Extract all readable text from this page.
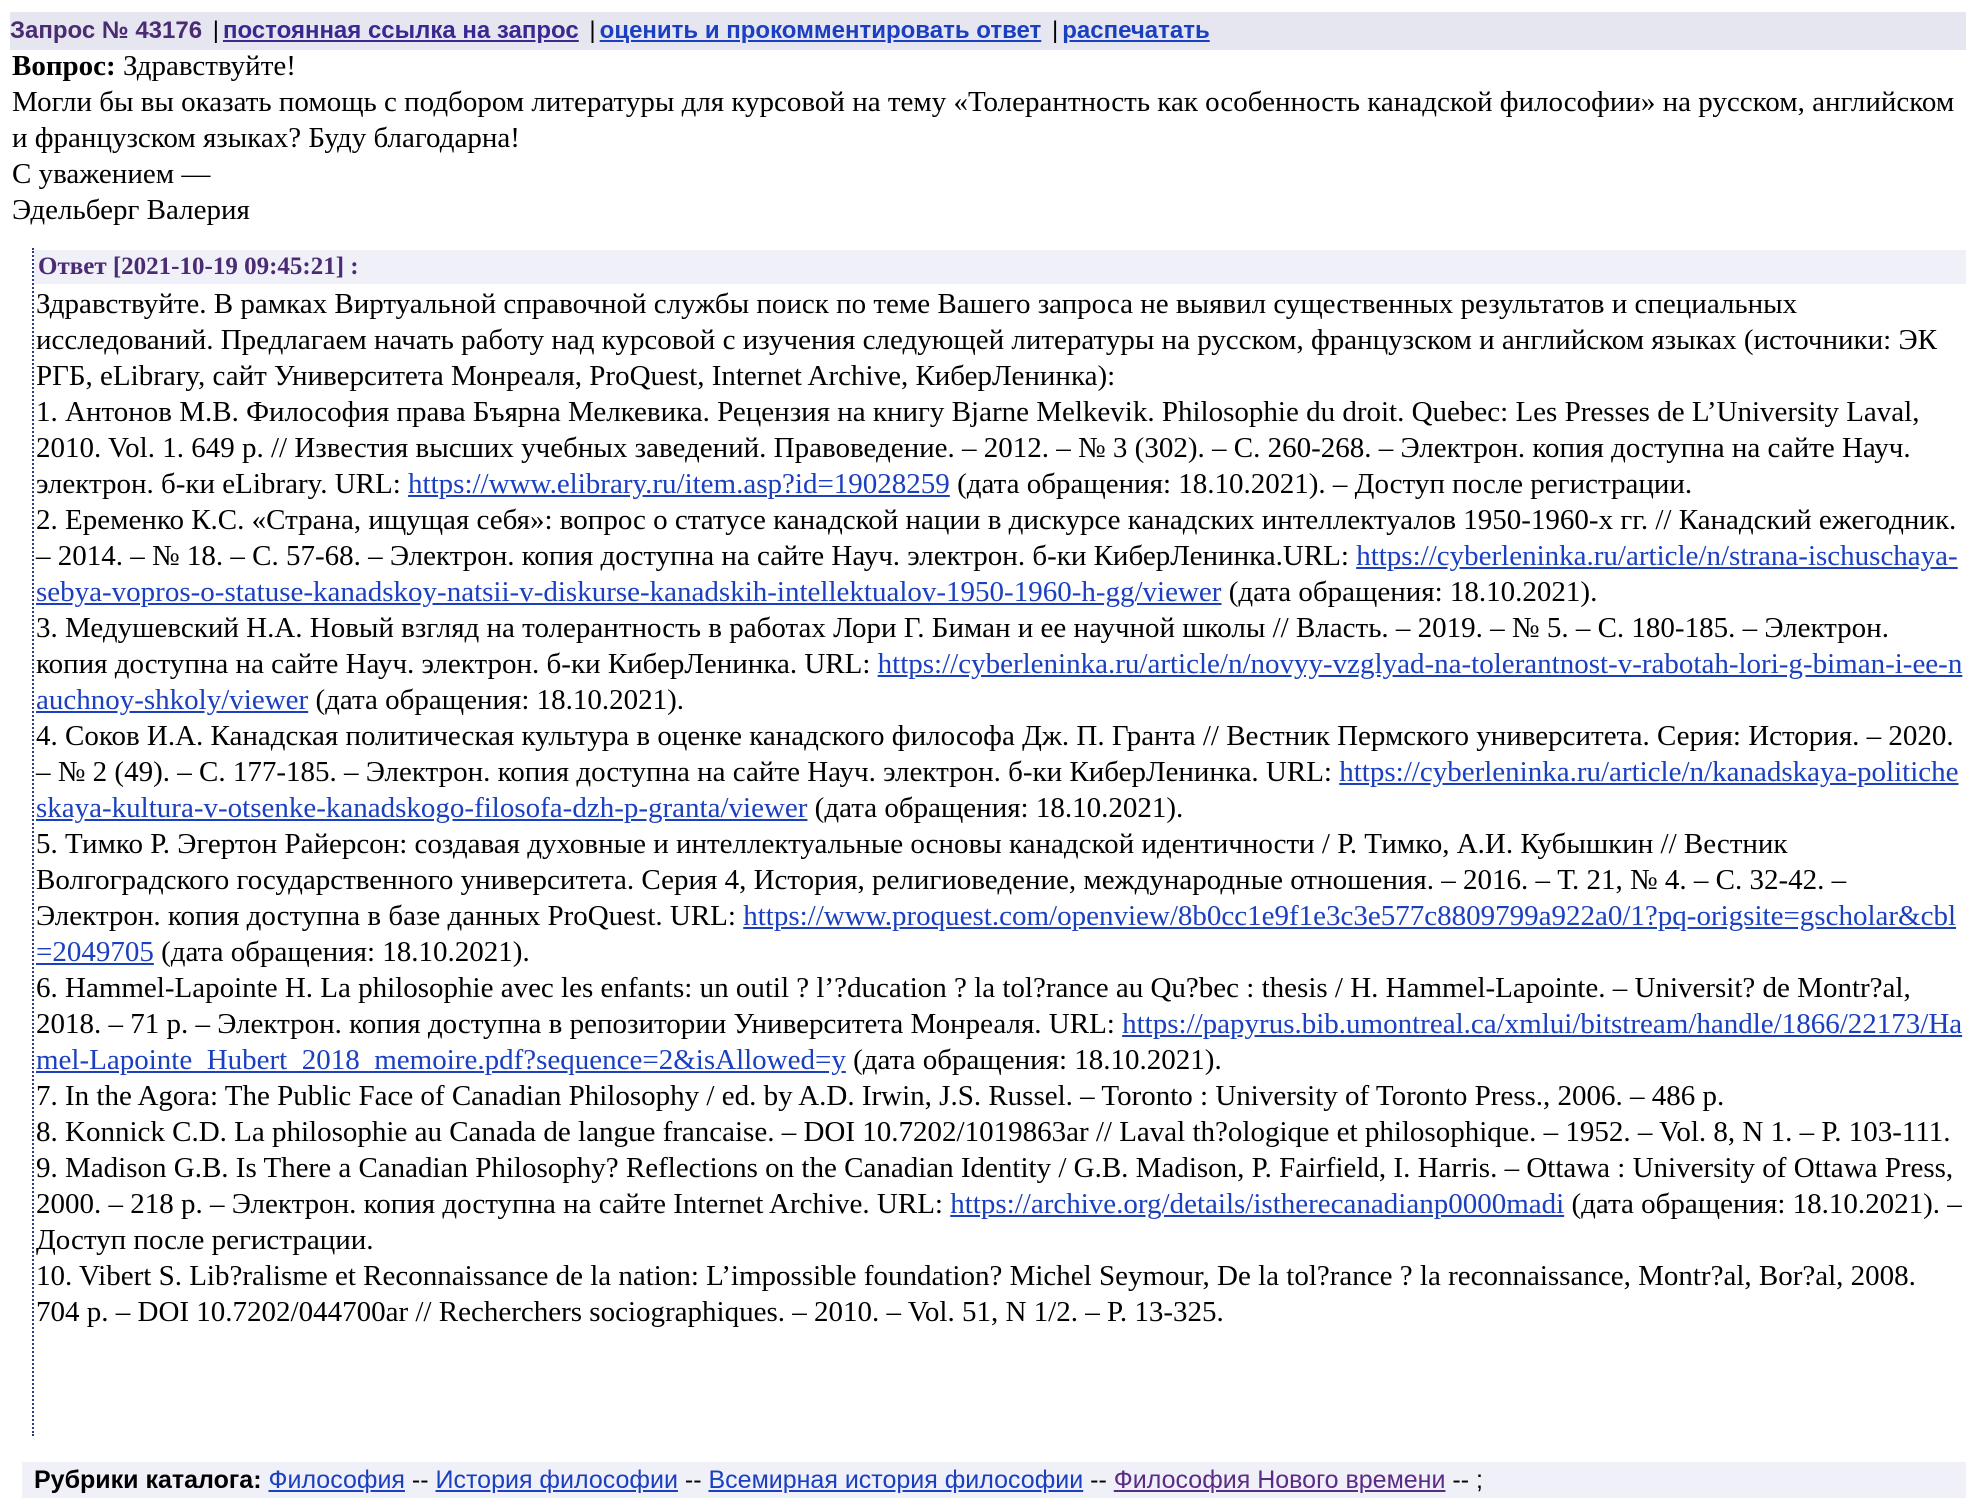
Запрос № 43176 | постоянная ссылка на запрос | оценить и прокомментировать ответ | распечатать
Вопрос: Здравствуйте!
Могли бы вы оказать помощь с подбором литературы для курсовой на тему «Толерантность как особенность канадской философии» на русском, английском и французском языках? Буду благодарна!
С уважением —
Эдельберг Валерия
Ответ [2021-10-19 09:45:21] :

Здравствуйте. В рамках Виртуальной справочной службы поиск по теме Вашего запроса не выявил существенных результатов и специальных исследований. Предлагаем начать работу над курсовой с изучения следующей литературы на русском, французском и английском языках (источники: ЭК РГБ, eLibrary, сайт Университета Монреаля, ProQuest, Internet Archive, КиберЛенинка):

1. Антонов М.В. Философия права Бъярна Мелкевика. Рецензия на книгу Bjarne Melkevik. Philosophie du droit. Quebec: Les Presses de L’University Laval, 2010. Vol. 1. 649 p. // Известия высших учебных заведений. Правоведение. – 2012. – № 3 (302). – С. 260-268. – Электрон. копия доступна на сайте Науч. электрон. б-ки eLibrary. URL: https://www.elibrary.ru/item.asp?id=19028259 (дата обращения: 18.10.2021). – Доступ после регистрации.

2. Еременко К.С. «Страна, ищущая себя»: вопрос о статусе канадской нации в дискурсе канадских интеллектуалов 1950-1960-х гг. // Канадский ежегодник. – 2014. – № 18. – С. 57-68. – Электрон. копия доступна на сайте Науч. электрон. б-ки КиберЛенинка.URL: https://cyberleninka.ru/article/n/strana-ischuschaya-sebya-vopros-o-statuse-kanadskoy-natsii-v-diskurse-kanadskih-intellektualov-1950-1960-h-gg/viewer (дата обращения: 18.10.2021).

3. Медушевский Н.А. Новый взгляд на толерантность в работах Лори Г. Биман и ее научной школы // Власть. – 2019. – № 5. – С. 180-185. – Электрон. копия доступна на сайте Науч. электрон. б-ки КиберЛенинка. URL: https://cyberleninka.ru/article/n/novyy-vzglyad-na-tolerantnost-v-rabotah-lori-g-biman-i-ee-nauchnoy-shkoly/viewer (дата обращения: 18.10.2021).

4. Соков И.А. Канадская политическая культура в оценке канадского философа Дж. П. Гранта // Вестник Пермского университета. Серия: История. – 2020. – № 2 (49). – С. 177-185. – Электрон. копия доступна на сайте Науч. электрон. б-ки КиберЛенинка. URL: https://cyberleninka.ru/article/n/kanadskaya-politicheskaya-kultura-v-otsenke-kanadskogo-filosofa-dzh-p-granta/viewer (дата обращения: 18.10.2021).

5. Тимко Р. Эгертон Райерсон: создавая духовные и интеллектуальные основы канадской идентичности / Р. Тимко, А.И. Кубышкин // Вестник Волгоградского государственного университета. Серия 4, История, религиоведение, международные отношения. – 2016. – Т. 21, № 4. – С. 32-42. – Электрон. копия доступна в базе данных ProQuest. URL: https://www.proquest.com/openview/8b0cc1e9f1e3c3e577c8809799a922a0/1?pq-origsite=gscholar&cbl=2049705 (дата обращения: 18.10.2021).

6. Hammel-Lapointe H. La philosophie avec les enfants: un outil ? l’?ducation ? la tol?rance au Qu?bec : thesis / H. Hammel-Lapointe. – Universit? de Montr?al, 2018. – 71 p. – Электрон. копия доступна в репозитории Университета Монреаля. URL: https://papyrus.bib.umontreal.ca/xmlui/bitstream/handle/1866/22173/Hamel-Lapointe_Hubert_2018_memoire.pdf?sequence=2&isAllowed=y (дата обращения: 18.10.2021).

7. In the Agora: The Public Face of Canadian Philosophy / ed. by A.D. Irwin, J.S. Russel. – Toronto : University of Toronto Press., 2006. – 486 p.

8. Konnick C.D. La philosophie au Canada de langue francaise. – DOI 10.7202/1019863ar // Laval th?ologique et philosophique. – 1952. – Vol. 8, N 1. – P. 103-111.

9. Madison G.B. Is There a Canadian Philosophy? Reflections on the Canadian Identity / G.B. Madison, P. Fairfield, I. Harris. – Ottawa : University of Ottawa Press, 2000. – 218 p. – Электрон. копия доступна на сайте Internet Archive. URL: https://archive.org/details/istherecanadianp0000madi (дата обращения: 18.10.2021). – Доступ после регистрации.

10. Vibert S. Lib?ralisme et Reconnaissance de la nation: L’impossible foundation? Michel Seymour, De la tol?rance ? la reconnaissance, Montr?al, Bor?al, 2008. 704 p. – DOI 10.7202/044700ar // Recherchers sociographiques. – 2010. – Vol. 51, N 1/2. – P. 13-325.

Рубрики каталога: Философия -- История философии -- Всемирная история философии -- Философия Нового времени -- ;
